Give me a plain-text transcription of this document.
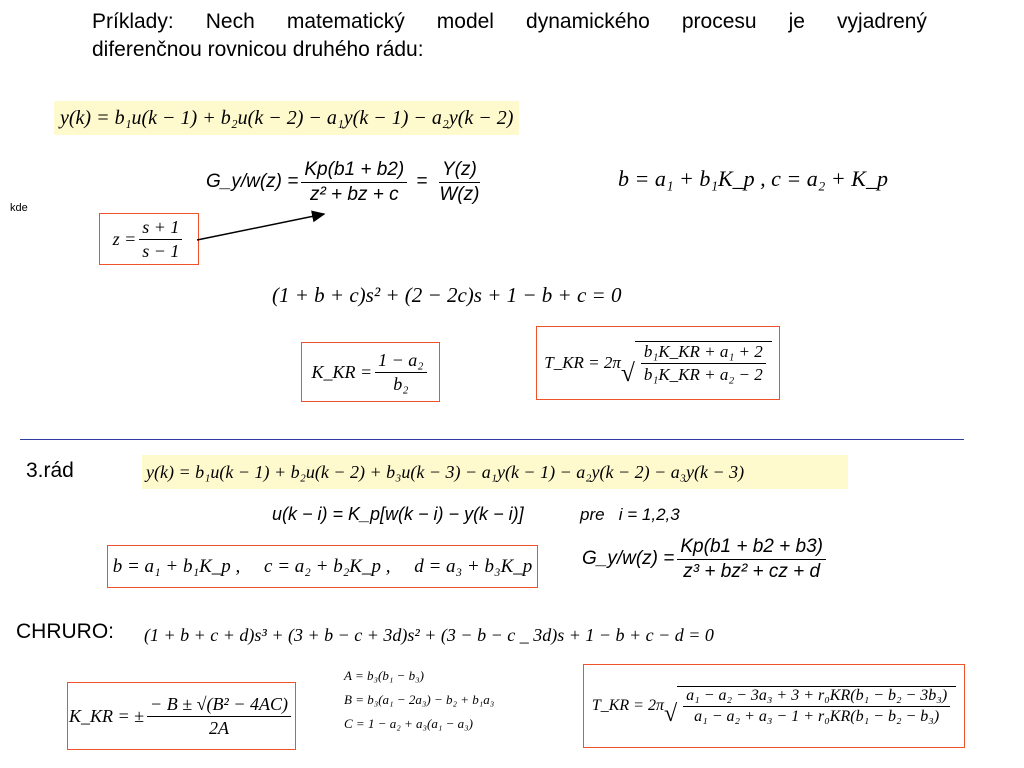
Príklady: Nech matematický model dynamického procesu je vyjadrený
diferenčnou rovnicou druhého rádu:
y(k) = b₁u(k − 1) + b₂u(k − 2) − a₁y(k − 1) − a₂y(k − 2)
G_y/w(z) = $\frac{Kp(b1 + b2)}{\text{z² + bz + c}} = \frac{Y(z)}{W(z)}$	b = a₁ + b₁K_p , c = a₂ + K_p
kde
$z = \frac{s + 1}{s - 1}$
(1 + b + c)s² + (2 − 2c)s + 1 − b + c = 0
K_KR = $\frac{\text{1 − a₂}}{\text{b₂}}$	T_KR = 2π √ $\frac{\text{b₁K\_KR + a₁ + 2}}{\text{b₁K\_KR + a₂ − 2}}$
3.rád	y(k) = b₁u(k − 1) + b₂u(k − 2) + b₃u(k − 3) − a₁y(k − 1) − a₂y(k − 2) − a₃y(k − 3)
u(k − i) = K_p[w(k − i) − y(k − i)]	pre   i = 1,2,3
b = a₁ + b₁K_p ,     c = a₂ + b₂K_p ,     d = a₃ + b₃K_p	G_y/w(z) = $\frac{Kp(b1 + b2 + b3)}{\text{z³ + bz² + cz + d}}$
CHRURO: (1 + b + c + d)s³ + (3 + b − c + 3d)s² + (3 − b − c _ 3d)s + 1 − b + c − d = 0
K_KR = ± $\frac{\text{− B ± √(B² − 4AC)}}{2A}$
A = b₃(b₁ − b₃)
B = b₃(a₁ − 2a₃) − b₂ + b₁a₃
C = 1 − a₂ + a₃(a₁ − a₃)
T_KR = 2π √ $\frac{\text{a₁ − a₂ − 3a₃ + 3 + r₀KR(b₁ − b₂ − 3b₃)}}{\text{a₁ − a₂ + a₃ − 1 + r₀KR(b₁ − b₂ − b₃)}}$
